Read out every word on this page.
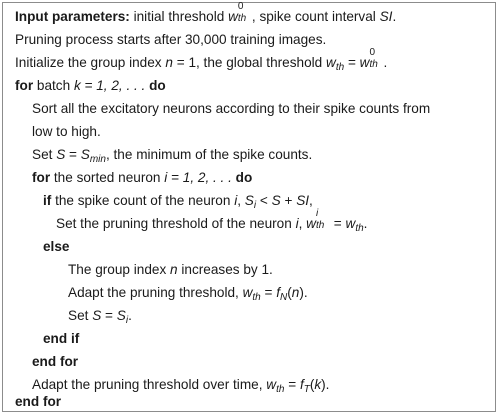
Input parameters: initial threshold w
0
th , spike count interval SI.
Pruning process starts after 30,000 training images.
Initialize the group index n = 1, the global threshold $w_{th} = w$
0
th .
for batch k = 1, 2, . . . do
Sort all the excitatory neurons according to their spike counts from
low to high.
Set $S = S_{min}$, the minimum of the spike counts.
for the sorted neuron i = 1, 2, . . . do
if the spike count of the neuron i, $S_i < S$ + SI,
Set the pruning threshold of the neuron i, w
i
th = $w_{th}$.
else
The group index n increases by 1.
Adapt the pruning threshold, $w_{th} = f_N(n)$.
Set $S = S_i$.
end if
end for
Adapt the pruning threshold over time, $w_{th} = f_T(k)$.
end for
